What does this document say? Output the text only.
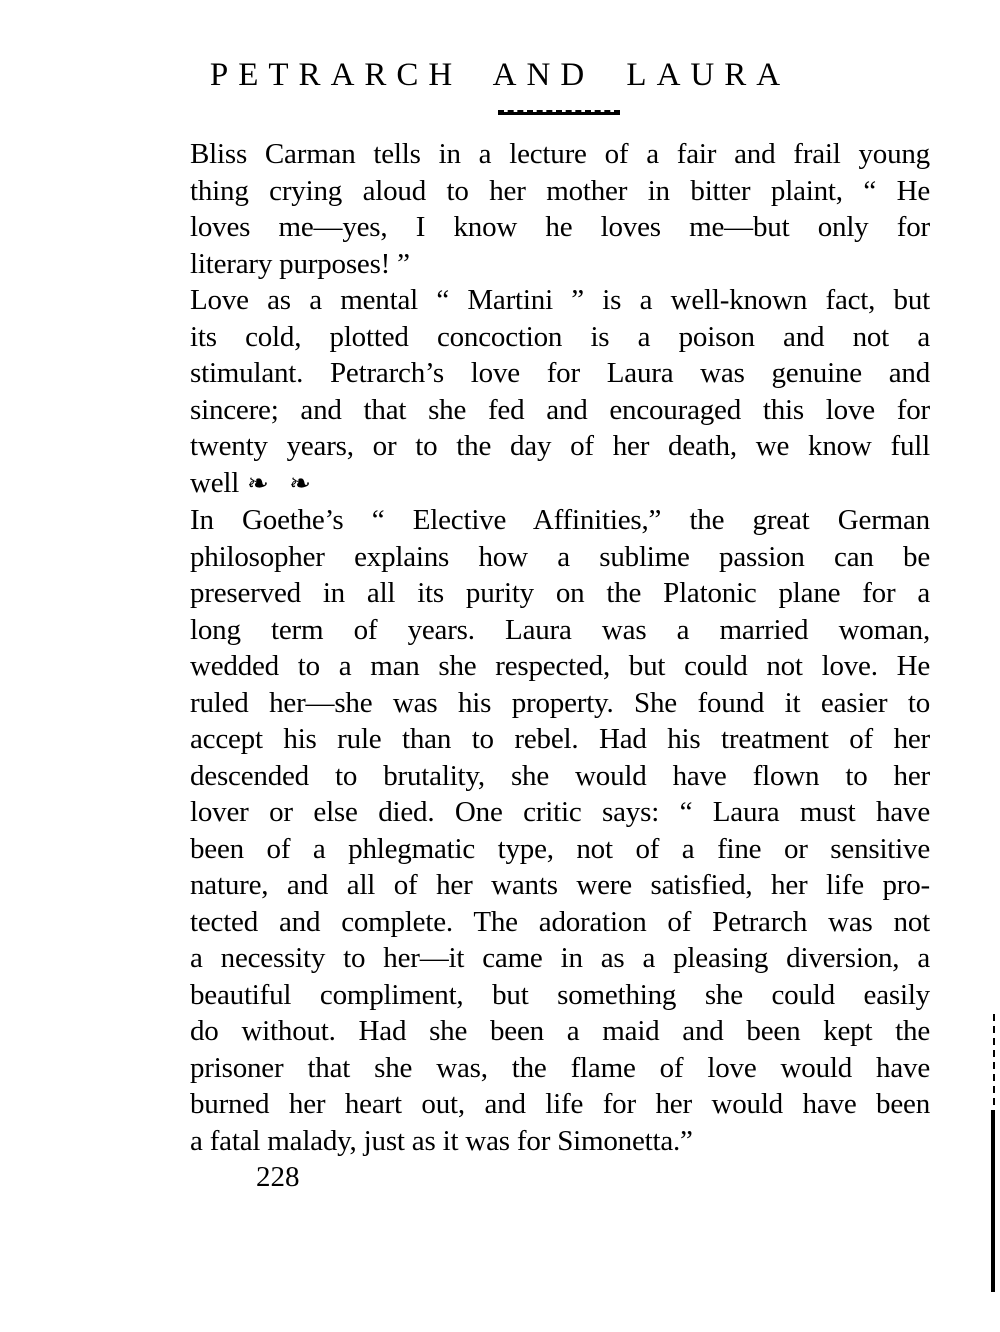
PETRARCH AND LAURA
Bliss Carman tells in a lecture of a fair and frail young
thing crying aloud to her mother in bitter plaint, “ He
loves me—yes, I know he loves me—but only for
literary purposes! ”
Love as a mental “ Martini ” is a well-known fact, but
its cold, plotted concoction is a poison and not a
stimulant. Petrarch’s love for Laura was genuine and
sincere; and that she fed and encouraged this love for
twenty years, or to the day of her death, we know full
well ❧ ❧
In Goethe’s “ Elective Affinities,” the great German
philosopher explains how a sublime passion can be
preserved in all its purity on the Platonic plane for a
long term of years. Laura was a married woman,
wedded to a man she respected, but could not love. He
ruled her—she was his property. She found it easier to
accept his rule than to rebel. Had his treatment of her
descended to brutality, she would have flown to her
lover or else died. One critic says: “ Laura must have
been of a phlegmatic type, not of a fine or sensitive
nature, and all of her wants were satisfied, her life pro-
tected and complete. The adoration of Petrarch was not
a necessity to her—it came in as a pleasing diversion, a
beautiful compliment, but something she could easily
do without. Had she been a maid and been kept the
prisoner that she was, the flame of love would have
burned her heart out, and life for her would have been
a fatal malady, just as it was for Simonetta.”
228
